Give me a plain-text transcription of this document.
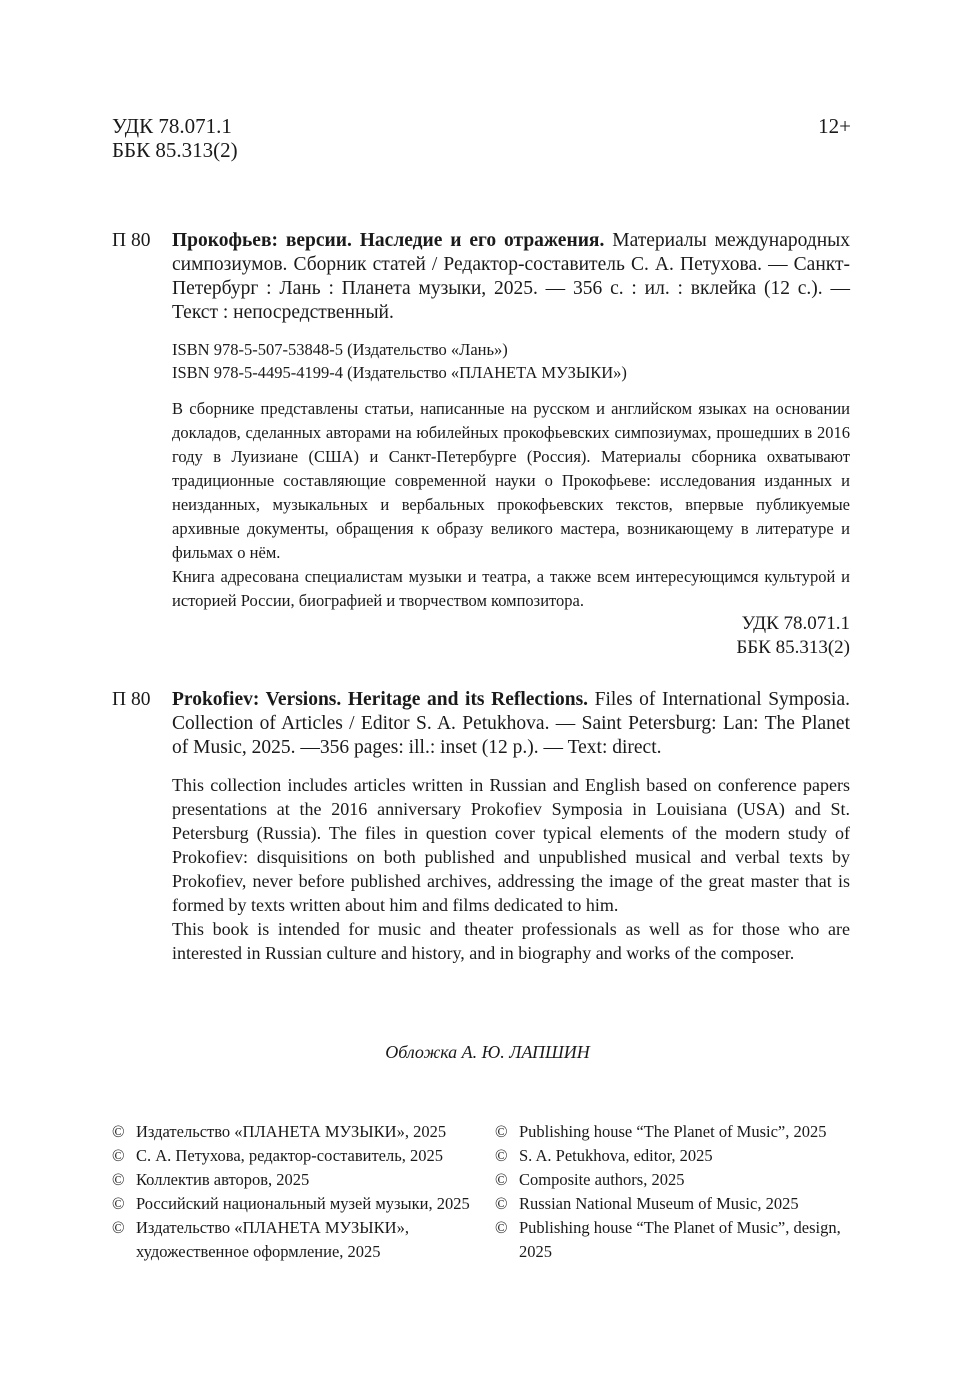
УДК 78.071.1
ББК 85.313(2)
12+
П 80 Прокофьев: версии. Наследие и его отражения. Материалы международных симпозиумов. Сборник статей / Редактор-составитель С. А. Петухова. — Санкт-Петербург : Лань : Планета музыки, 2025. — 356 с. : ил. : вклейка (12 с.). — Текст : непосредственный.
ISBN 978-5-507-53848-5 (Издательство «Лань»)
ISBN 978-5-4495-4199-4 (Издательство «ПЛАНЕТА МУЗЫКИ»)

В сборнике представлены статьи, написанные на русском и английском языках на основании докладов, сделанных авторами на юбилейных прокофьевских симпозиумах, прошедших в 2016 году в Луизиане (США) и Санкт-Петербурге (Россия). Материалы сборника охватывают традиционные составляющие современной науки о Прокофьеве: исследования изданных и неизданных, музыкальных и вербальных прокофьевских текстов, впервые публикуемые архивные документы, обращения к образу великого мастера, возникающему в литературе и фильмах о нём.

Книга адресована специалистам музыки и театра, а также всем интересующимся культурой и историей России, биографией и творчеством композитора.

УДК 78.071.1
ББК 85.313(2)
П 80 Prokofiev: Versions. Heritage and its Reflections. Files of International Symposia. Collection of Articles / Editor S. A. Petukhova. — Saint Petersburg: Lan: The Planet of Music, 2025. —356 pages: ill.: inset (12 p.). — Text: direct.

This collection includes articles written in Russian and English based on conference papers presentations at the 2016 anniversary Prokofiev Symposia in Louisiana (USA) and St. Petersburg (Russia). The files in question cover typical elements of the modern study of Prokofiev: disquisitions on both published and unpublished musical and verbal texts by Prokofiev, never before published archives, addressing the image of the great master that is formed by texts written about him and films dedicated to him.

This book is intended for music and theater professionals as well as for those who are interested in Russian culture and history, and in biography and works of the composer.

Обложка А. Ю. ЛАПШИН
© Издательство «ПЛАНЕТА МУЗЫКИ», 2025
© С. А. Петухова, редактор-составитель, 2025
© Коллектив авторов, 2025
© Российский национальный музей музыки, 2025
© Издательство «ПЛАНЕТА МУЗЫКИ», художественное оформление, 2025
© Publishing house “The Planet of Music”, 2025
© S. A. Petukhova, editor, 2025
© Composite authors, 2025
© Russian National Museum of Music, 2025
© Publishing house “The Planet of Music”, design, 2025
